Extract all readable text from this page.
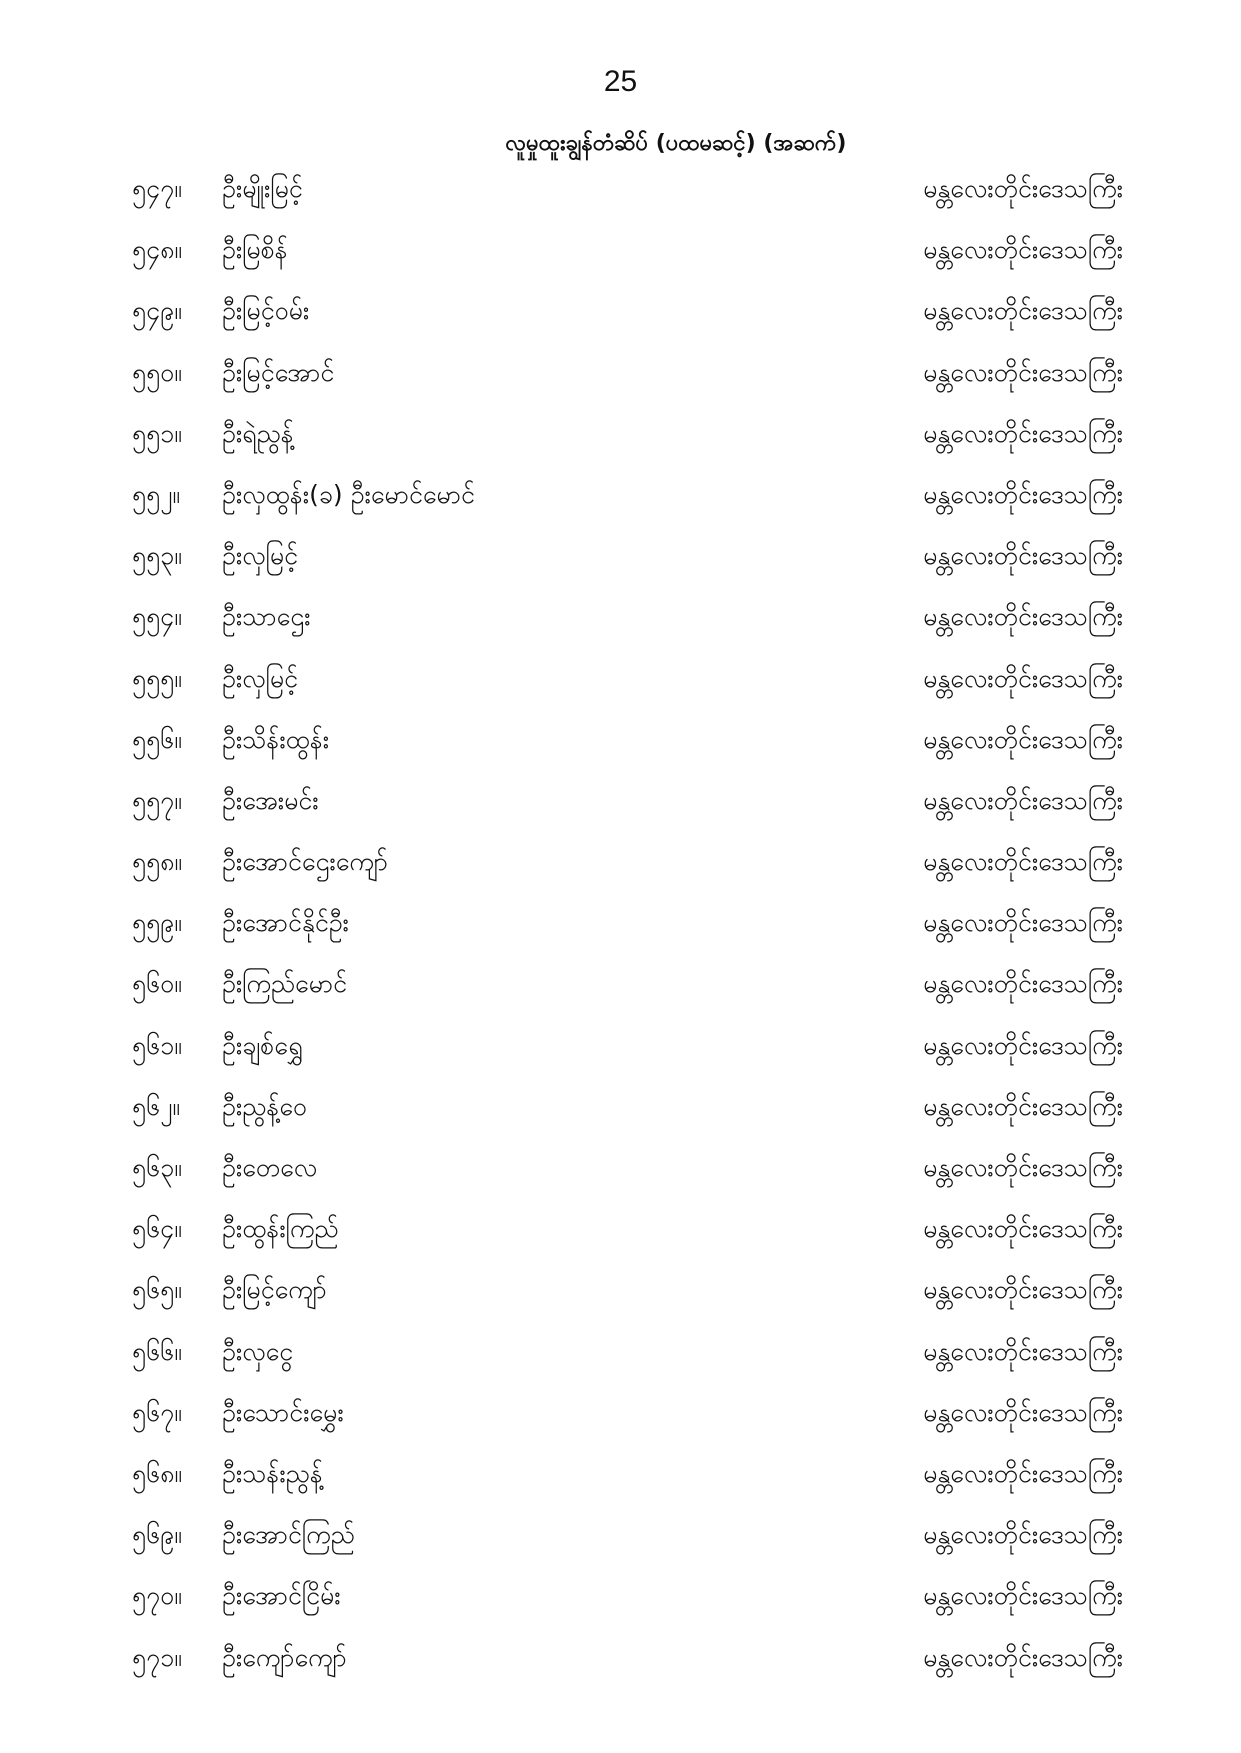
25
လူမှုထူးချွန်တံဆိပ် (ပထမဆင့်) (အဆက်)
၅၄၇။ ဦးမျိုးမြင့်	မန္တလေးတိုင်းဒေသကြီး
၅၄၈။ ဦးမြစိန်	မန္တလေးတိုင်းဒေသကြီး
၅၄၉။ ဦးမြင့်ဝမ်း	မန္တလေးတိုင်းဒေသကြီး
၅၅၀။ ဦးမြင့်အောင်	မန္တလေးတိုင်းဒေသကြီး
၅၅၁။ ဦးရဲညွန့်	မန္တလေးတိုင်းဒေသကြီး
၅၅၂။ ဦးလှထွန်း(ခ) ဦးမောင်မောင်	မန္တလေးတိုင်းဒေသကြီး
၅၅၃။ ဦးလှမြင့်	မန္တလေးတိုင်းဒေသကြီး
၅၅၄။ ဦးသာဌေး	မန္တလေးတိုင်းဒေသကြီး
၅၅၅။ ဦးလှမြင့်	မန္တလေးတိုင်းဒေသကြီး
၅၅၆။ ဦးသိန်းထွန်း	မန္တလေးတိုင်းဒေသကြီး
၅၅၇။ ဦးအေးမင်း	မန္တလေးတိုင်းဒေသကြီး
၅၅၈။ ဦးအောင်ဌေးကျော်	မန္တလေးတိုင်းဒေသကြီး
၅၅၉။ ဦးအောင်နိုင်ဦး	မန္တလေးတိုင်းဒေသကြီး
၅၆၀။ ဦးကြည်မောင်	မန္တလေးတိုင်းဒေသကြီး
၅၆၁။ ဦးချစ်ရွှေ	မန္တလေးတိုင်းဒေသကြီး
၅၆၂။ ဦးညွန့်ဝေ	မန္တလေးတိုင်းဒေသကြီး
၅၆၃။ ဦးတေလေ	မန္တလေးတိုင်းဒေသကြီး
၅၆၄။ ဦးထွန်းကြည်	မန္တလေးတိုင်းဒေသကြီး
၅၆၅။ ဦးမြင့်ကျော်	မန္တလေးတိုင်းဒေသကြီး
၅၆၆။ ဦးလှငွေ	မန္တလေးတိုင်းဒေသကြီး
၅၆၇။ ဦးသောင်းမွှေး	မန္တလေးတိုင်းဒေသကြီး
၅၆၈။ ဦးသန်းညွန့်	မန္တလေးတိုင်းဒေသကြီး
၅၆၉။ ဦးအောင်ကြည်	မန္တလေးတိုင်းဒေသကြီး
၅၇၀။ ဦးအောင်ငြိမ်း	မန္တလေးတိုင်းဒေသကြီး
၅၇၁။ ဦးကျော်ကျော်	မန္တလေးတိုင်းဒေသကြီး
